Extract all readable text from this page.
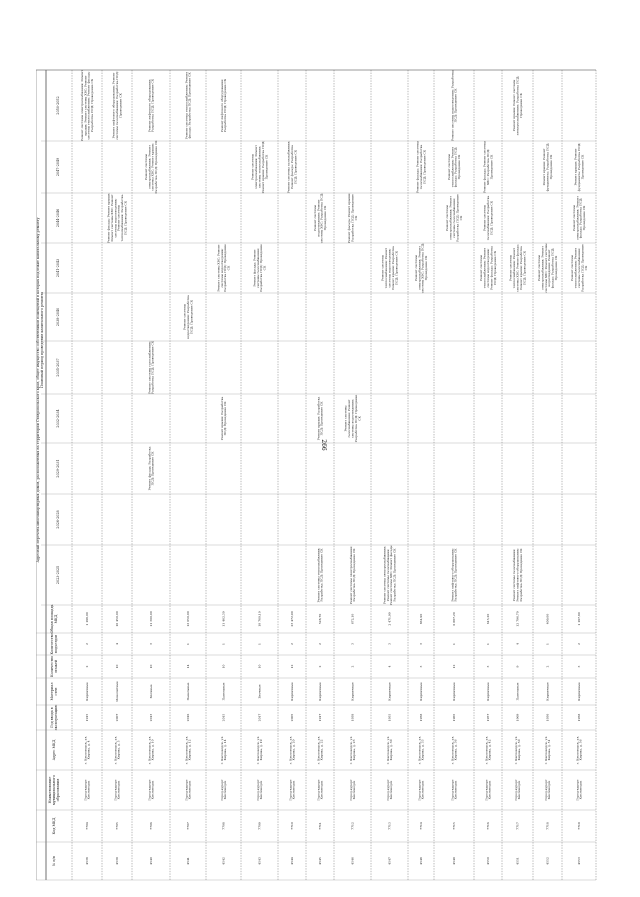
266
Адресный перечень многоквартирных домов, расположенных на территории Ставропольского края, общее имущество собственников помещений в которых подлежит капитальному ремонту Плановый период проведения капитального ремонта
№ п/п
Код МКД
Наименование муниципального образования
Адрес МКД
Год ввода в эксплуатацию
Материал стен
Количество этажей
Количество подъездов
Общая площадь МКД
2023-2025
2026-2028
2029-2031
2032-2034
2035-2037
2038-2040
2041-2043
2044-2046
2047-2049
2050-2052
4538
7704
Город-курорт Кисловодск
г. Кисловодск, ул. Кирова, д. 4
1915
Кирпичные
2
2
1 198,00
Ремонт системы электроснабжения; Ремонт крыши; Ремонт системы ХВС; Ремонт системы теплоснабжения; Ремонт фасада; Разработка ПСД; Проведение СК
4539
7705
Город-курорт Кисловодск
г. Кисловодск, ул. Кирова, д. 5
2007
Монолитные
10
4
10 450,00
Ремонт фасада; Ремонт крыши; Ремонт системы ХВС; Ремонт системы водоотведения; Ремонт системы теплоснабжения; Разработка ПСД; Проведение СК
Ремонт лифтового оборудования; Ремонт системы газоснабжения; Разработка ПСД; Проведение СК
4540
7706
Город-курорт Кисловодск
г. Кисловодск, ул. Кирова, д. 10
2013
Блочные
10
3
11 300,00
Ремонт фасада; Разработка ПСД; Проведение СК
Ремонт системы газоснабжения; Разработка ПСД; Проведение СК
Ремонт системы электроснабжения; Ремонт системы ХВС; Ремонт крыши; Разработка ПСД; Проведение СК
Ремонт лифтового оборудования; Разработка ПСД; Проведение СК
4541
7707
Город-курорт Кисловодск
г. Кисловодск, ул. Кирова, д. 12
2016
Панельные
14
1
12 050,00
Ремонт системы водоотведения; Разработка ПСД; Проведение СК
Ремонт системы теплоснабжения; Ремонт фасада; Разработка ПСД; Проведение СК
4542
7708
Город-курорт Кисловодск
г. Кисловодск, ул. Кирова, д. 14
2015
Панельные
10
1
11 462,30
Ремонт крыши; Разработка ПСД; Проведение СК
Ремонт системы ХВС; Ремонт системы водоотведения; Разработка ПСД; Проведение СК
Ремонт лифтового оборудования; Разработка ПСД; Проведение СК
4543
7709
Город-курорт Кисловодск
г. Кисловодск, ул. Кирова, д. 19
2017
Блочные
10
1
10 760,10
Ремонт фасада; Ремонт системы газоснабжения; Разработка ПСД; Проведение СК
Ремонт системы электроснабжения; Ремонт системы теплоснабжения; Ремонт крыши; Разработка ПСД; Проведение СК
4544
7710
Город-курорт Кисловодск
г. Кисловодск, ул. Кирова, д. 20
2005
Кирпичные
12
2
23 472,90
Ремонт системы газоснабжения; Ремонт фасада; Разработка ПСД; Проведение СК
4545
7711
Город-курорт Кисловодск
г. Кисловодск, ул. Кирова, д. 22
1917
Кирпичные
2
2
528,70
Ремонт системы теплоснабжения; Разработка ПСД; Проведение СК
Ремонт крыши; Разработка ПСД; Проведение СК
Ремонт системы водоотведения; Ремонт системы ХВС; Разработка ПСД; Проведение СК
4546
7712
Город-курорт Кисловодск
г. Кисловодск, ул. Кирова, д. 23
1938
Кирпичные
2
3
672,10
Ремонт системы электроснабжения; Разработка ПСД; Проведение СК
Ремонт системы газоснабжения; Ремонт системы водоотведения; Разработка ПСД; Проведение СК
Ремонт фасада; Ремонт крыши; Разработка ПСД; Проведение СК
4547
7713
Город-курорт Кисловодск
г. Кисловодск, ул. Кирова, д. 30
1955
Кирпичные
4
3
2 471,90
Ремонт системы электроснабжения; Ремонт системы газоснабжения; Ремонт системы ХВС; Ремонт фасада; Разработка ПСД; Проведение СК
Ремонт системы теплоснабжения; Ремонт системы водоотведения; Ремонт крыши; Разработка ПСД; Проведение СК
4548
7714
Город-курорт Кисловодск
г. Кисловодск, ул. Кирова, д. 33
1958
Кирпичные
3
3
861,90
Ремонт системы электроснабжения; Ремонт системы ХВС; Разработка ПСД; Проведение СК
Ремонт фасада; Ремонт системы газоснабжения; Разработка ПСД; Проведение СК
4549
7715
Город-курорт Кисловодск
г. Кисловодск, ул. Кирова, д. 36
1965
Кирпичные
12
1
6 887,20
Ремонт лифтового оборудования; Разработка ПСД; Проведение СК
Ремонт системы электроснабжения; Ремонт системы газоснабжения; Разработка ПСД; Проведение СК
Ремонт системы теплоснабжения; Ремонт фасада; Разработка ПСД; Проведение СК
Ремонт системы водоотведения; Разработка ПСД; Проведение СК
4550
7716
Город-курорт Кисловодск
г. Кисловодск, ул. Кирова, д. 42
1957
Кирпичные
3
1
613,20
Ремонт системы теплоснабжения; Ремонт системы водоотведения; Ремонт фасада; Разработка ПСД; Проведение СК
Ремонт системы газоснабжения; Разработка ПСД; Проведение СК
Ремонт фасада; Ремонт системы ХВС; Разработка ПСД; Проведение СК
4551
7717
Город-курорт Кисловодск
г. Кисловодск, ул. Кирова, д. 50
1969
Панельные
9
4
12 796,70
Ремонт системы газоснабжения; Ремонт лифтового оборудования; Разработка ПСД; Проведение СК
Ремонт системы теплоснабжения; Ремонт системы ХВС; Ремонт фасада; Ремонт крыши; Разработка ПСД; Проведение СК
Ремонт крыши; Ремонт системы электроснабжения; Разработка ПСД; Проведение СК
4552
7718
Город-курорт Кисловодск
г. Кисловодск, ул. Кирова, д. 51
1936
Кирпичные
2
1
409,00
Ремонт системы электроснабжения; Ремонт системы ХВС; Ремонт системы водоотведения; Ремонт фасада; Разработка ПСД; Проведение СК
Ремонт крыши; Ремонт фундамента; Разработка ПСД; Проведение СК
4553
7719
Город-курорт Кисловодск
г. Кисловодск, ул. Кирова, д. 56
1958
Кирпичные
3
2
1 197,80
Ремонт системы теплоснабжения; Ремонт системы газоснабжения; Разработка ПСД; Проведение СК
Ремонт системы электроснабжения; Ремонт фасада; Разработка ПСД; Проведение СК
Ремонт крыши; Ремонт фундамента; Разработка ПСД; Проведение СК
